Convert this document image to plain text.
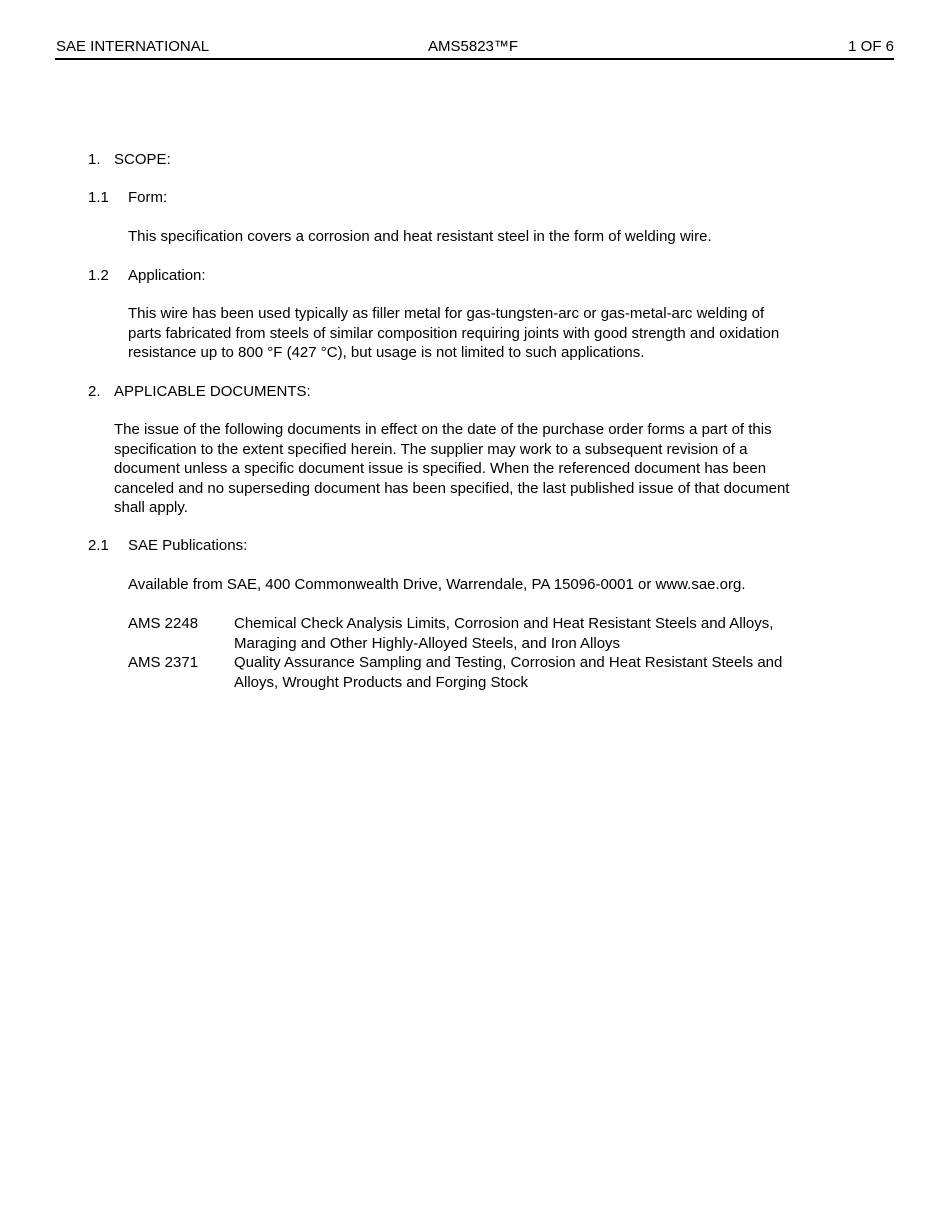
SAE INTERNATIONAL	AMS5823™F	1 OF 6
1. SCOPE:
1.1 Form:
This specification covers a corrosion and heat resistant steel in the form of welding wire.
1.2 Application:
This wire has been used typically as filler metal for gas-tungsten-arc or gas-metal-arc welding of
parts fabricated from steels of similar composition requiring joints with good strength and oxidation
resistance up to 800 °F (427 °C), but usage is not limited to such applications.
2. APPLICABLE DOCUMENTS:
The issue of the following documents in effect on the date of the purchase order forms a part of this
specification to the extent specified herein. The supplier may work to a subsequent revision of a
document unless a specific document issue is specified. When the referenced document has been
canceled and no superseding document has been specified, the last published issue of that document
shall apply.
2.1 SAE Publications:
Available from SAE, 400 Commonwealth Drive, Warrendale, PA 15096-0001 or www.sae.org.
AMS 2248 Chemical Check Analysis Limits, Corrosion and Heat Resistant Steels and Alloys,
Maraging and Other Highly-Alloyed Steels, and Iron Alloys
AMS 2371 Quality Assurance Sampling and Testing, Corrosion and Heat Resistant Steels and
Alloys, Wrought Products and Forging Stock
